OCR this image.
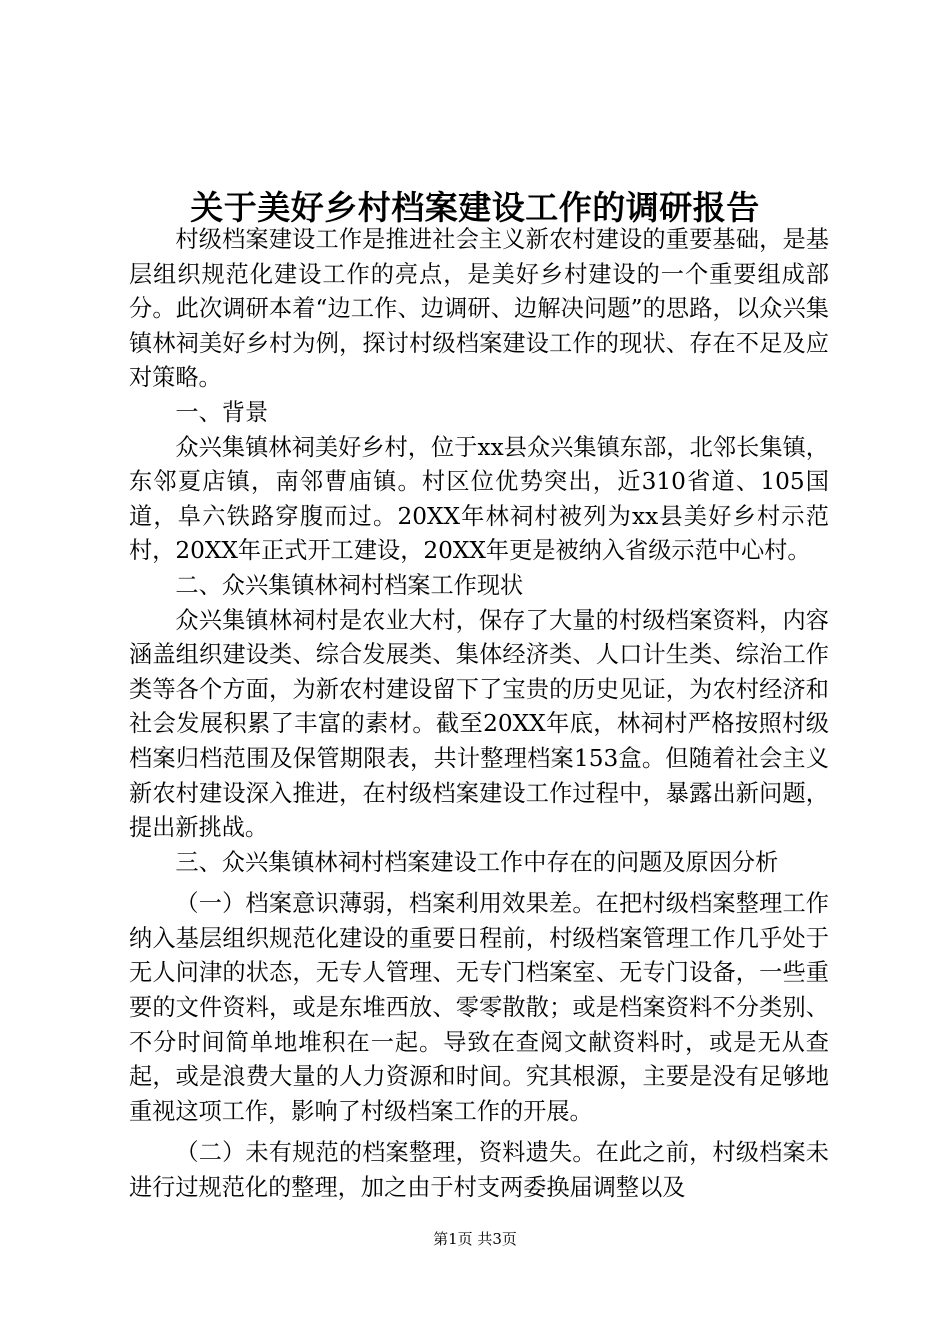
关于美好乡村档案建设工作的调研报告

村级档案建设工作是推进社会主义新农村建设的重要基础，是基层组织规范化建设工作的亮点，是美好乡村建设的一个重要组成部分。此次调研本着“边工作、边调研、边解决问题”的思路，以众兴集镇林祠美好乡村为例，探讨村级档案建设工作的现状、存在不足及应对策略。

一、背景

众兴集镇林祠美好乡村，位于xx县众兴集镇东部，北邻长集镇，东邻夏店镇，南邻曹庙镇。村区位优势突出，近310省道、105国道，阜六铁路穿腹而过。20XX年林祠村被列为xx县美好乡村示范村，20XX年正式开工建设，20XX年更是被纳入省级示范中心村。

二、众兴集镇林祠村档案工作现状

众兴集镇林祠村是农业大村，保存了大量的村级档案资料，内容涵盖组织建设类、综合发展类、集体经济类、人口计生类、综治工作类等各个方面，为新农村建设留下了宝贵的历史见证，为农村经济和社会发展积累了丰富的素材。截至20XX年底，林祠村严格按照村级档案归档范围及保管期限表，共计整理档案153盒。但随着社会主义新农村建设深入推进，在村级档案建设工作过程中，暴露出新问题，提出新挑战。

三、众兴集镇林祠村档案建设工作中存在的问题及原因分析

（一）档案意识薄弱，档案利用效果差。在把村级档案整理工作纳入基层组织规范化建设的重要日程前，村级档案管理工作几乎处于无人问津的状态，无专人管理、无专门档案室、无专门设备，一些重要的文件资料，或是东堆西放、零零散散；或是档案资料不分类别、不分时间简单地堆积在一起。导致在查阅文献资料时，或是无从查起，或是浪费大量的人力资源和时间。究其根源，主要是没有足够地重视这项工作，影响了村级档案工作的开展。

（二）未有规范的档案整理，资料遗失。在此之前，村级档案未进行过规范化的整理，加之由于村支两委换届调整以及

第1页 共3页
